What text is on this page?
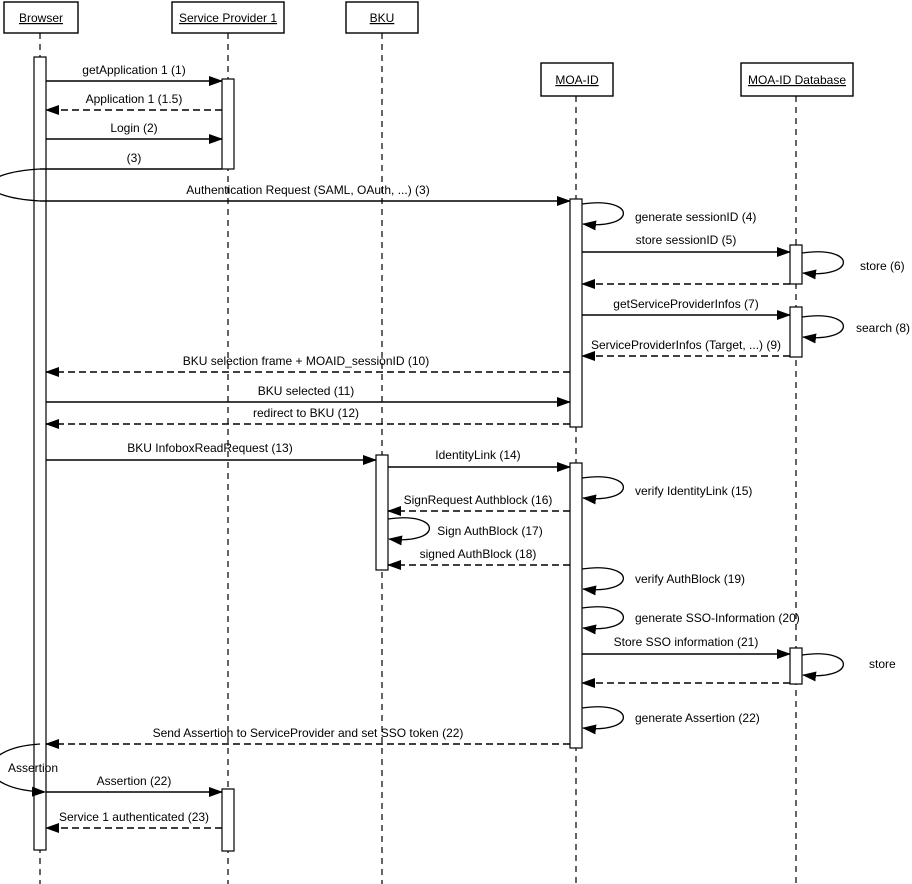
Browser	Service Provider 1	BKU
MOA-ID	MOA-ID Database
getApplication 1 (1)
Application 1 (1.5)
Login (2)
(3)
Authentication Request (SAML, OAuth, ...) (3)
generate sessionID (4)
store sessionID (5)
store (6)
getServiceProviderInfos (7)
search (8)
ServiceProviderInfos (Target, ...) (9)
BKU selection frame + MOAID_sessionID (10)
BKU selected (11)
redirect to BKU (12)
BKU InfoboxReadRequest (13)	IdentityLink (14)
verify IdentityLink (15)
SignRequest Authblock (16)
Sign AuthBlock (17)
signed AuthBlock (18)
verify AuthBlock (19)
generate SSO-Information (20)
Store SSO information (21)
store
generate Assertion (22)
Send Assertion to ServiceProvider and set SSO token (22)
Assertion
Assertion (22)
Service 1 authenticated (23)
